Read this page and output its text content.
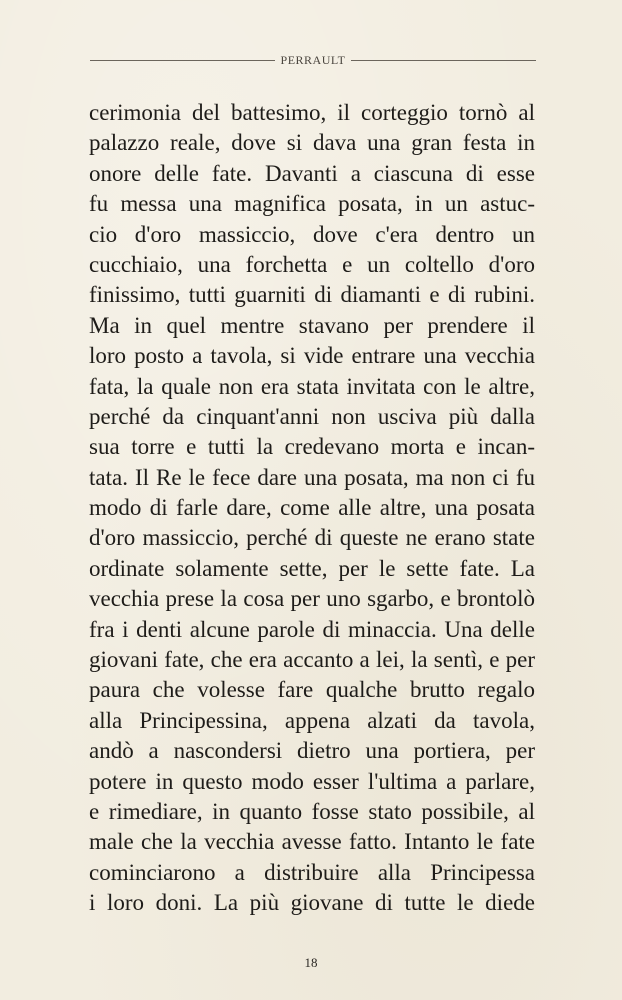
PERRAULT
cerimonia del battesimo, il corteggio tornò al
palazzo reale, dove si dava una gran festa in
onore delle fate. Davanti a ciascuna di esse
fu messa una magnifica posata, in un astuc-
cio d'oro massiccio, dove c'era dentro un
cucchiaio, una forchetta e un coltello d'oro
finissimo, tutti guarniti di diamanti e di rubini.
Ma in quel mentre stavano per prendere il
loro posto a tavola, si vide entrare una vecchia
fata, la quale non era stata invitata con le altre,
perché da cinquant'anni non usciva più dalla
sua torre e tutti la credevano morta e incan-
tata. Il Re le fece dare una posata, ma non ci fu
modo di farle dare, come alle altre, una posata
d'oro massiccio, perché di queste ne erano state
ordinate solamente sette, per le sette fate. La
vecchia prese la cosa per uno sgarbo, e brontolò
fra i denti alcune parole di minaccia. Una delle
giovani fate, che era accanto a lei, la sentì, e per
paura che volesse fare qualche brutto regalo
alla Principessina, appena alzati da tavola,
andò a nascondersi dietro una portiera, per
potere in questo modo esser l'ultima a parlare,
e rimediare, in quanto fosse stato possibile, al
male che la vecchia avesse fatto. Intanto le fate
cominciarono a distribuire alla Principessa
i loro doni. La più giovane di tutte le diede
18
